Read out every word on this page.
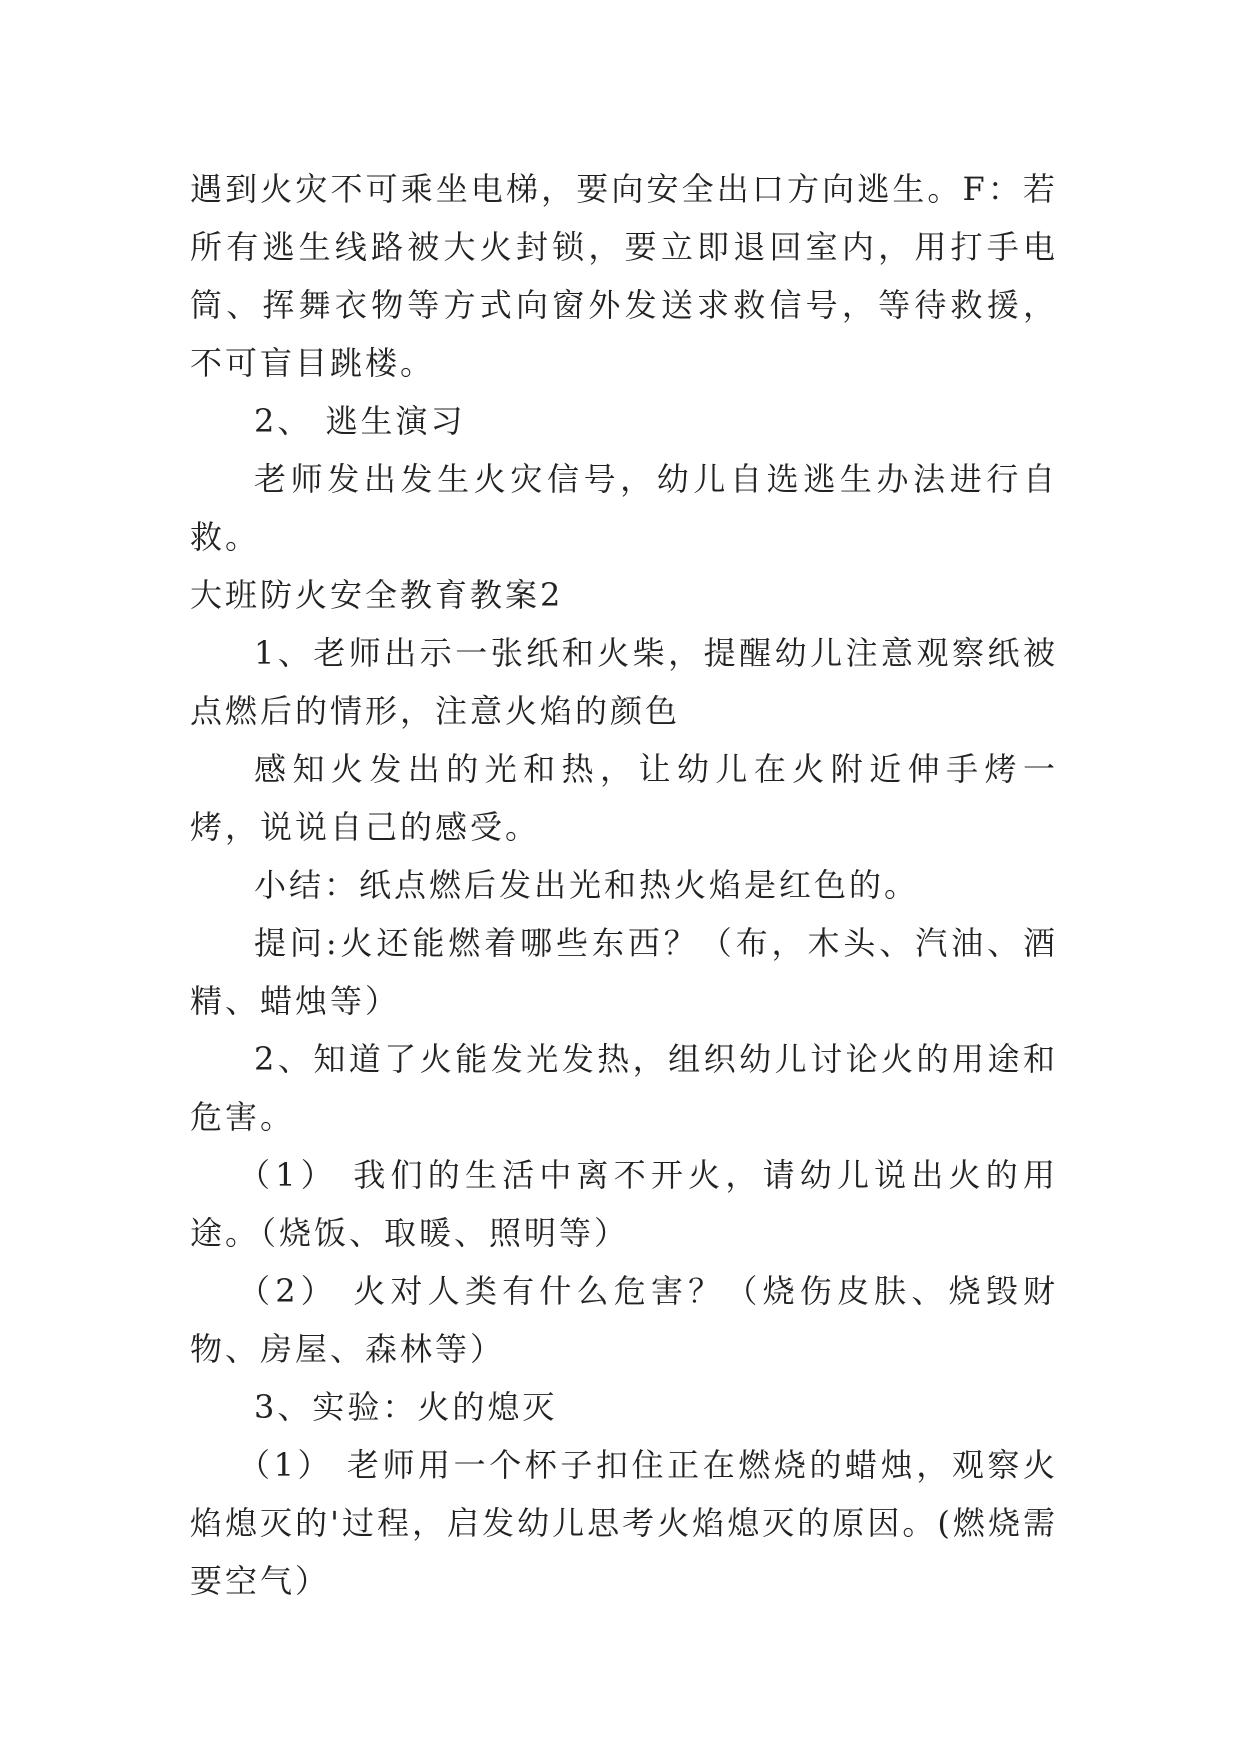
遇到火灾不可乘坐电梯，要向安全出口方向逃生。F：若所有逃生线路被大火封锁，要立即退回室内，用打手电筒、挥舞衣物等方式向窗外发送求救信号，等待救援，不可盲目跳楼。

2、 逃生演习

老师发出发生火灾信号，幼儿自选逃生办法进行自救。

大班防火安全教育教案2

1、老师出示一张纸和火柴，提醒幼儿注意观察纸被点燃后的情形，注意火焰的颜色

感知火发出的光和热，让幼儿在火附近伸手烤一烤，说说自己的感受。

小结：纸点燃后发出光和热火焰是红色的。

提问:火还能燃着哪些东西？（布，木头、汽油、酒精、蜡烛等）

2、知道了火能发光发热，组织幼儿讨论火的用途和危害。

（1） 我们的生活中离不开火，请幼儿说出火的用途。（烧饭、取暖、照明等）

（2） 火对人类有什么危害？（烧伤皮肤、烧毁财物、房屋、森林等）

3、实验：火的熄灭

（1） 老师用一个杯子扣住正在燃烧的蜡烛，观察火焰熄灭的'过程，启发幼儿思考火焰熄灭的原因。(燃烧需要空气）
